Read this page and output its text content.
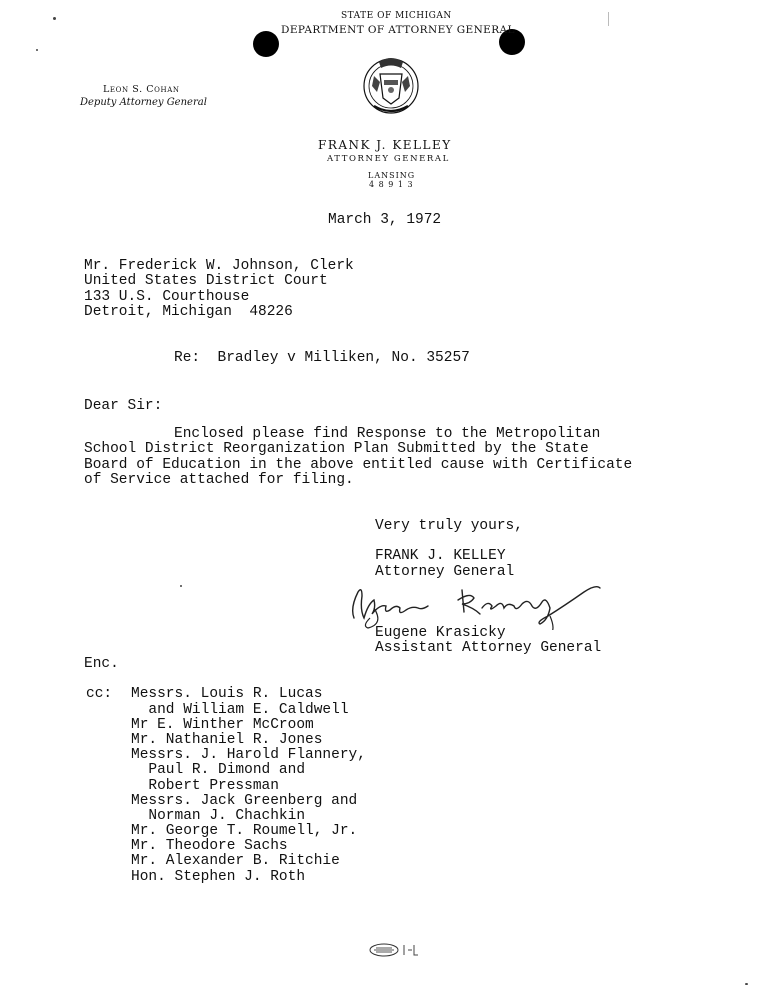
STATE OF MICHIGAN
DEPARTMENT OF ATTORNEY GENERAL
Leon S. Cohan
Deputy Attorney General
FRANK J. KELLEY
ATTORNEY GENERAL
LANSING
4 8 9 1 3
March 3, 1972
Mr. Frederick W. Johnson, Clerk
United States District Court
133 U.S. Courthouse
Detroit, Michigan  48226
Re:  Bradley v Milliken, No. 35257
Dear Sir:
Enclosed please find Response to the Metropolitan
School District Reorganization Plan Submitted by the State
Board of Education in the above entitled cause with Certificate
of Service attached for filing.
Very truly yours,
FRANK J. KELLEY
Attorney General
Eugene Krasicky
Assistant Attorney General
Enc.
cc: Messrs. Louis R. Lucas
and William E. Caldwell
Mr E. Winther McCroom
Mr. Nathaniel R. Jones
Messrs. J. Harold Flannery,
Paul R. Dimond and
Robert Pressman
Messrs. Jack Greenberg and
Norman J. Chachkin
Mr. George T. Roumell, Jr.
Mr. Theodore Sachs
Mr. Alexander B. Ritchie
Hon. Stephen J. Roth
